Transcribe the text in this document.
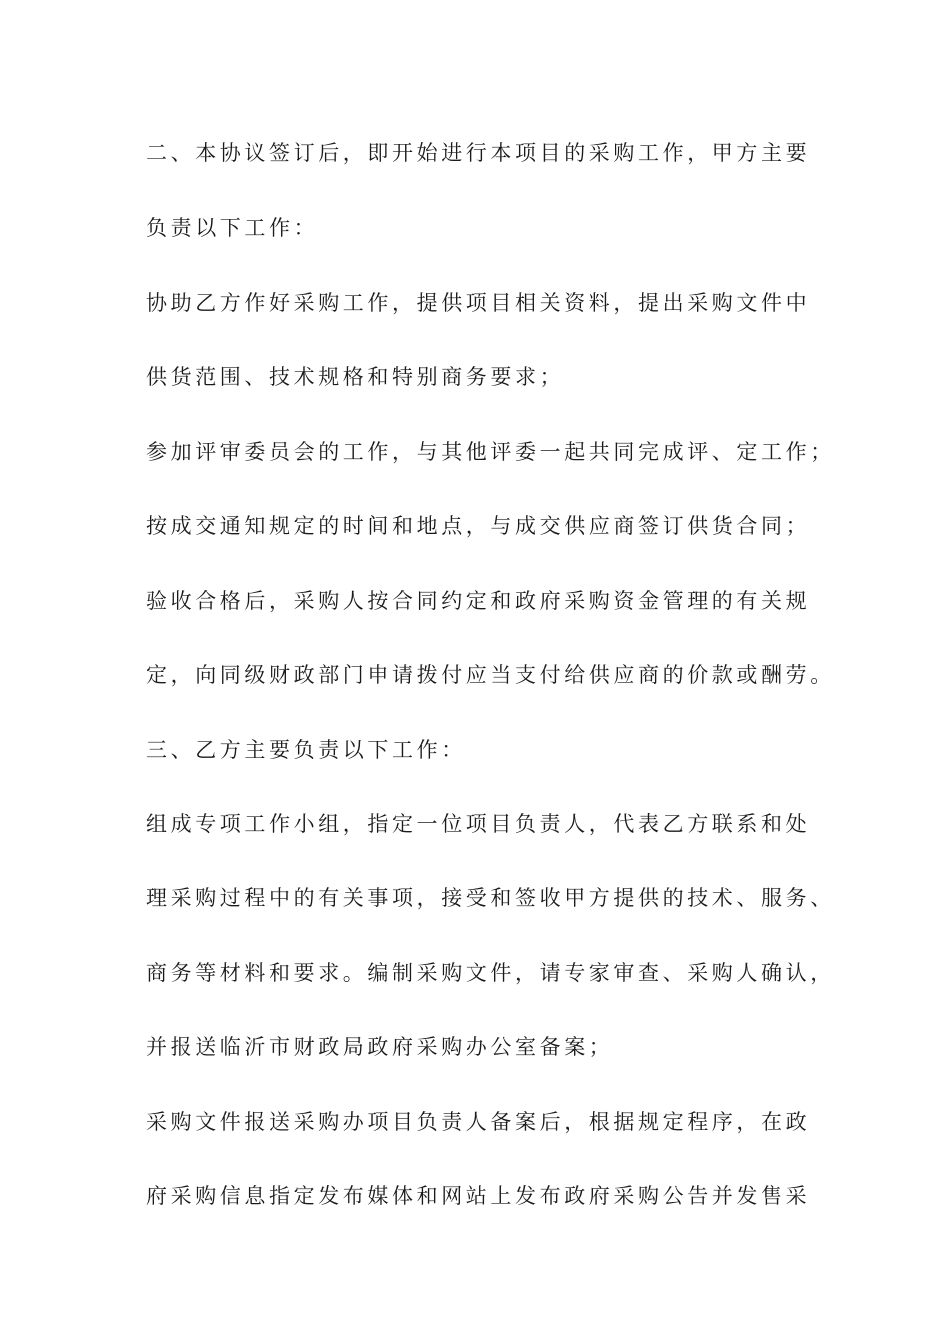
二、本协议签订后，即开始进行本项目的采购工作，甲方主要
负责以下工作：
协助乙方作好采购工作，提供项目相关资料，提出采购文件中
供货范围、技术规格和特别商务要求；
参加评审委员会的工作，与其他评委一起共同完成评、定工作；
按成交通知规定的时间和地点，与成交供应商签订供货合同；
验收合格后，采购人按合同约定和政府采购资金管理的有关规
定，向同级财政部门申请拨付应当支付给供应商的价款或酬劳。
三、乙方主要负责以下工作：
组成专项工作小组，指定一位项目负责人，代表乙方联系和处
理采购过程中的有关事项，接受和签收甲方提供的技术、服务、
商务等材料和要求。编制采购文件，请专家审查、采购人确认，
并报送临沂市财政局政府采购办公室备案；
采购文件报送采购办项目负责人备案后，根据规定程序，在政
府采购信息指定发布媒体和网站上发布政府采购公告并发售采
